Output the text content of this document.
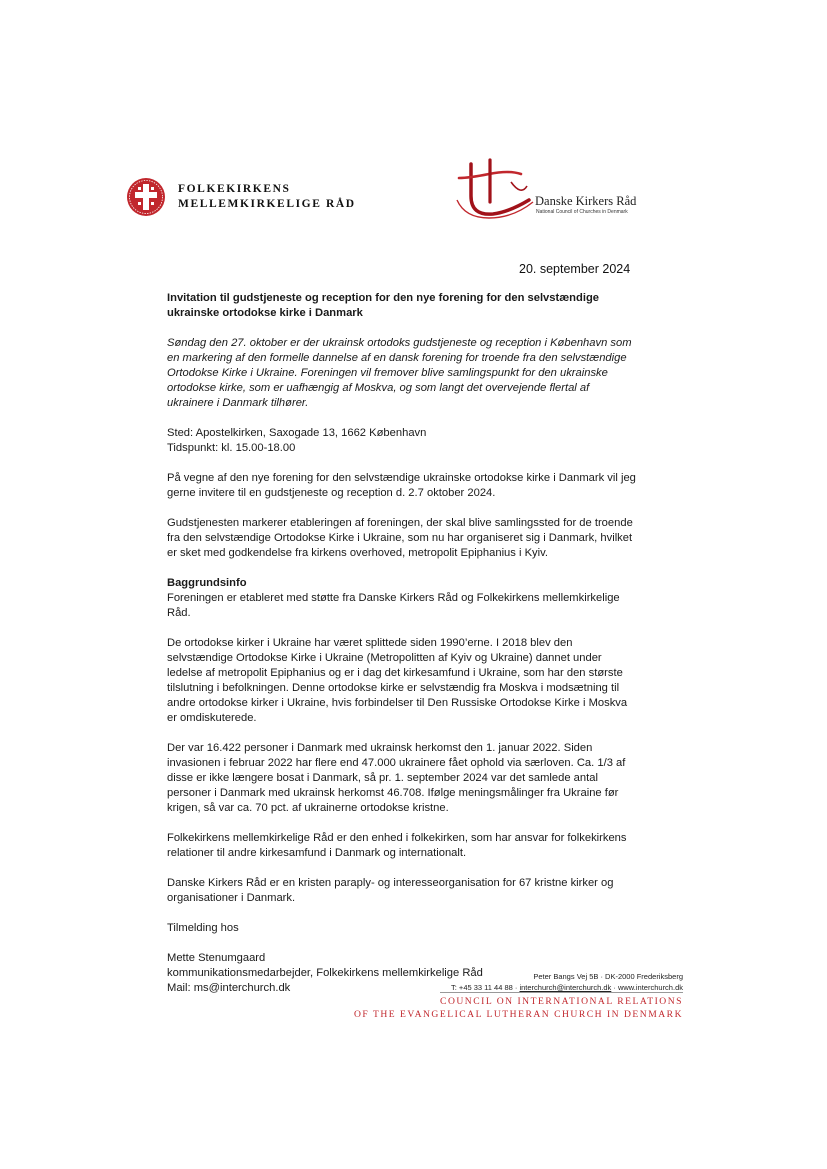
FOLKEKIRKENS
MELLEMKIRKELIGE RÅD	Danske Kirkers Råd
National Council of Churches in Denmark
20. september 2024

Invitation til gudstjeneste og reception for den nye forening for den selvstændige ukrainske ortodokse kirke i Danmark

Søndag den 27. oktober er der ukrainsk ortodoks gudstjeneste og reception i København som en markering af den formelle dannelse af en dansk forening for troende fra den selvstændige Ortodokse Kirke i Ukraine. Foreningen vil fremover blive samlingspunkt for den ukrainske ortodokse kirke, som er uafhængig af Moskva, og som langt det overvejende flertal af ukrainere i Danmark tilhører.

Sted: Apostelkirken, Saxogade 13, 1662 København
Tidspunkt: kl. 15.00-18.00

På vegne af den nye forening for den selvstændige ukrainske ortodokse kirke i Danmark vil jeg gerne invitere til en gudstjeneste og reception d. 2.7 oktober 2024.

Gudstjenesten markerer etableringen af foreningen, der skal blive samlingssted for de troende fra den selvstændige Ortodokse Kirke i Ukraine, som nu har organiseret sig i Danmark, hvilket er sket med godkendelse fra kirkens overhoved, metropolit Epiphanius i Kyiv.

Baggrundsinfo
Foreningen er etableret med støtte fra Danske Kirkers Råd og Folkekirkens mellemkirkelige Råd.

De ortodokse kirker i Ukraine har været splittede siden 1990’erne. I 2018 blev den selvstændige Ortodokse Kirke i Ukraine (Metropolitten af Kyiv og Ukraine) dannet under ledelse af metropolit Epiphanius og er i dag det kirkesamfund i Ukraine, som har den største tilslutning i befolkningen. Denne ortodokse kirke er selvstændig fra Moskva i modsætning til andre ortodokse kirker i Ukraine, hvis forbindelser til Den Russiske Ortodokse Kirke i Moskva er omdiskuterede.

Der var 16.422 personer i Danmark med ukrainsk herkomst den 1. januar 2022. Siden invasionen i februar 2022 har flere end 47.000 ukrainere fået ophold via særloven. Ca. 1/3 af disse er ikke længere bosat i Danmark, så pr. 1. september 2024 var det samlede antal personer i Danmark med ukrainsk herkomst 46.708. Ifølge meningsmålinger fra Ukraine før krigen, så var ca. 70 pct. af ukrainerne ortodokse kristne.

Folkekirkens mellemkirkelige Råd er den enhed i folkekirken, som har ansvar for folkekirkens relationer til andre kirkesamfund i Danmark og internationalt.

Danske Kirkers Råd er en kristen paraply- og interesseorganisation for 67 kristne kirker og organisationer i Danmark.

Tilmelding hos

Mette Stenumgaard
kommunikationsmedarbejder, Folkekirkens mellemkirkelige Råd
Mail: ms@interchurch.dk

Peter Bangs Vej 5B · DK-2000 Frederiksberg
T: +45 33 11 44 88 · interchurch@interchurch.dk · www.interchurch.dk
COUNCIL ON INTERNATIONAL RELATIONS
OF THE EVANGELICAL LUTHERAN CHURCH IN DENMARK
